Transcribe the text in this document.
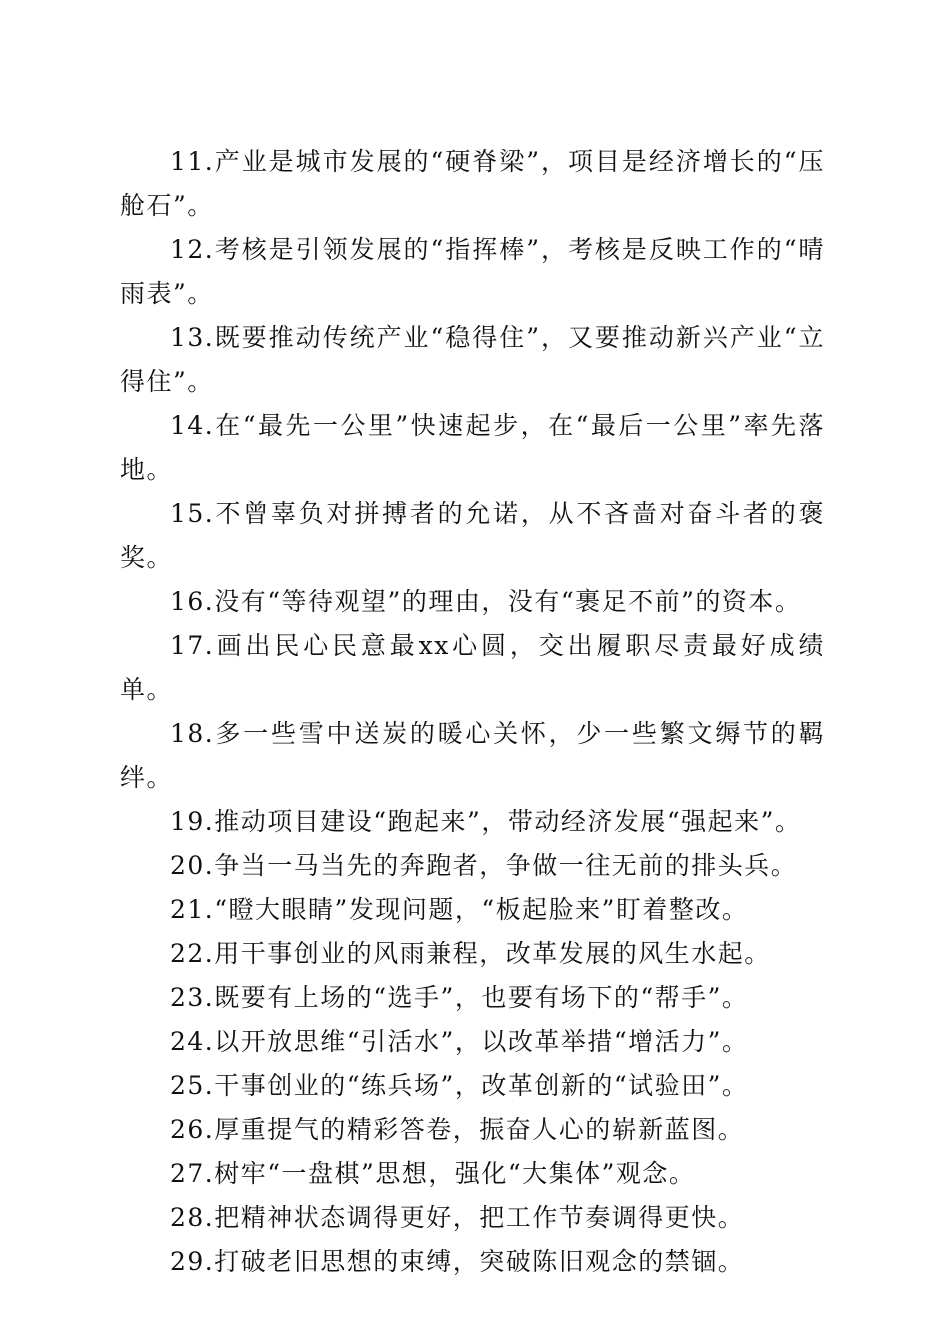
11.产业是城市发展的“硬脊梁”，项目是经济增长的“压舱石”。

12.考核是引领发展的“指挥棒”，考核是反映工作的“晴雨表”。

13.既要推动传统产业“稳得住”，又要推动新兴产业“立得住”。

14.在“最先一公里”快速起步，在“最后一公里”率先落地。

15.不曾辜负对拼搏者的允诺，从不吝啬对奋斗者的褒奖。

16.没有“等待观望”的理由，没有“裹足不前”的资本。

17.画出民心民意最xx心圆，交出履职尽责最好成绩单。

18.多一些雪中送炭的暖心关怀，少一些繁文缛节的羁绊。

19.推动项目建设“跑起来”，带动经济发展“强起来”。

20.争当一马当先的奔跑者，争做一往无前的排头兵。

21.“瞪大眼睛”发现问题，“板起脸来”盯着整改。

22.用干事创业的风雨兼程，改革发展的风生水起。

23.既要有上场的“选手”，也要有场下的“帮手”。

24.以开放思维“引活水”，以改革举措“增活力”。

25.干事创业的“练兵场”，改革创新的“试验田”。

26.厚重提气的精彩答卷，振奋人心的崭新蓝图。

27.树牢“一盘棋”思想，强化“大集体”观念。

28.把精神状态调得更好，把工作节奏调得更快。

29.打破老旧思想的束缚，突破陈旧观念的禁锢。
